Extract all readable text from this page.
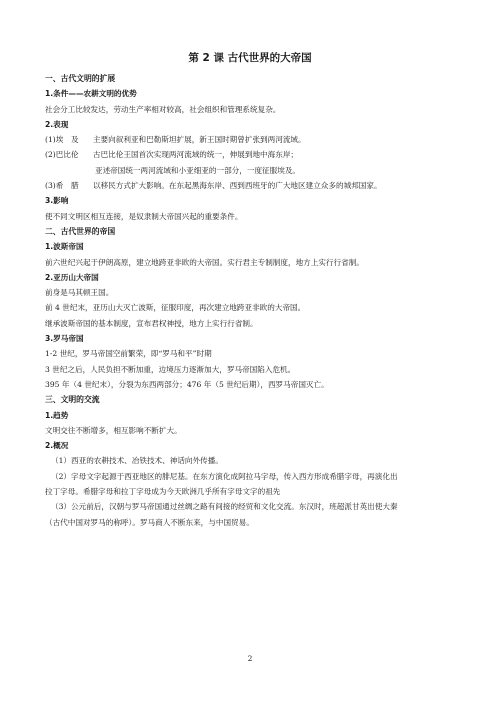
第 2 课 古代世界的大帝国
一、古代文明的扩展
1.条件——农耕文明的优势
社会分工比较发达，劳动生产率相对较高，社会组织和管理系统复杂。
2.表现
(1)埃　及 主要向叙利亚和巴勒斯坦扩展，新王国时期曾扩张到两河流域。
(2)巴比伦 古巴比伦王国首次实现两河流域的统一，伸展到地中海东岸；
亚述帝国统一两河流域和小亚细亚的一部分，一度征服埃及。
(3)希　腊 以移民方式扩大影响。在东起黑海东岸、西到西班牙的广大地区建立众多的城邦国家。
3.影响
使不同文明区相互连接，是奴隶制大帝国兴起的重要条件。
二、古代世界的帝国
1.波斯帝国
前六世纪兴起于伊朗高原，建立地跨亚非欧的大帝国。实行君主专制制度，地方上实行行省制。
2.亚历山大帝国
前身是马其顿王国。
前 4 世纪末，亚历山大灭亡波斯，征服印度，再次建立地跨亚非欧的大帝国。
继承波斯帝国的基本制度，宣布君权神授，地方上实行行省制。
3.罗马帝国
1-2 世纪，罗马帝国空前繁荣，即“罗马和平”时期
3 世纪之后，人民负担不断加重，边境压力逐渐加大，罗马帝国陷入危机。
395 年（4 世纪末），分裂为东西两部分；476 年（5 世纪后期），西罗马帝国灭亡。
三、文明的交流
1.趋势
文明交往不断增多，相互影响不断扩大。
2.概况
（1）西亚的农耕技术、冶铁技术、神话向外传播。
（2）字母文字起源于西亚地区的腓尼基。在东方演化成阿拉马字母，传入西方形成希腊字母，再演化出
拉丁字母。希腊字母和拉丁字母成为今天欧洲几乎所有字母文字的祖先
（3）公元前后，汉朝与罗马帝国通过丝绸之路有间接的经贸和文化交流。东汉时，班超派甘英出使大秦
（古代中国对罗马的称呼）。罗马商人不断东来，与中国贸易。
2
